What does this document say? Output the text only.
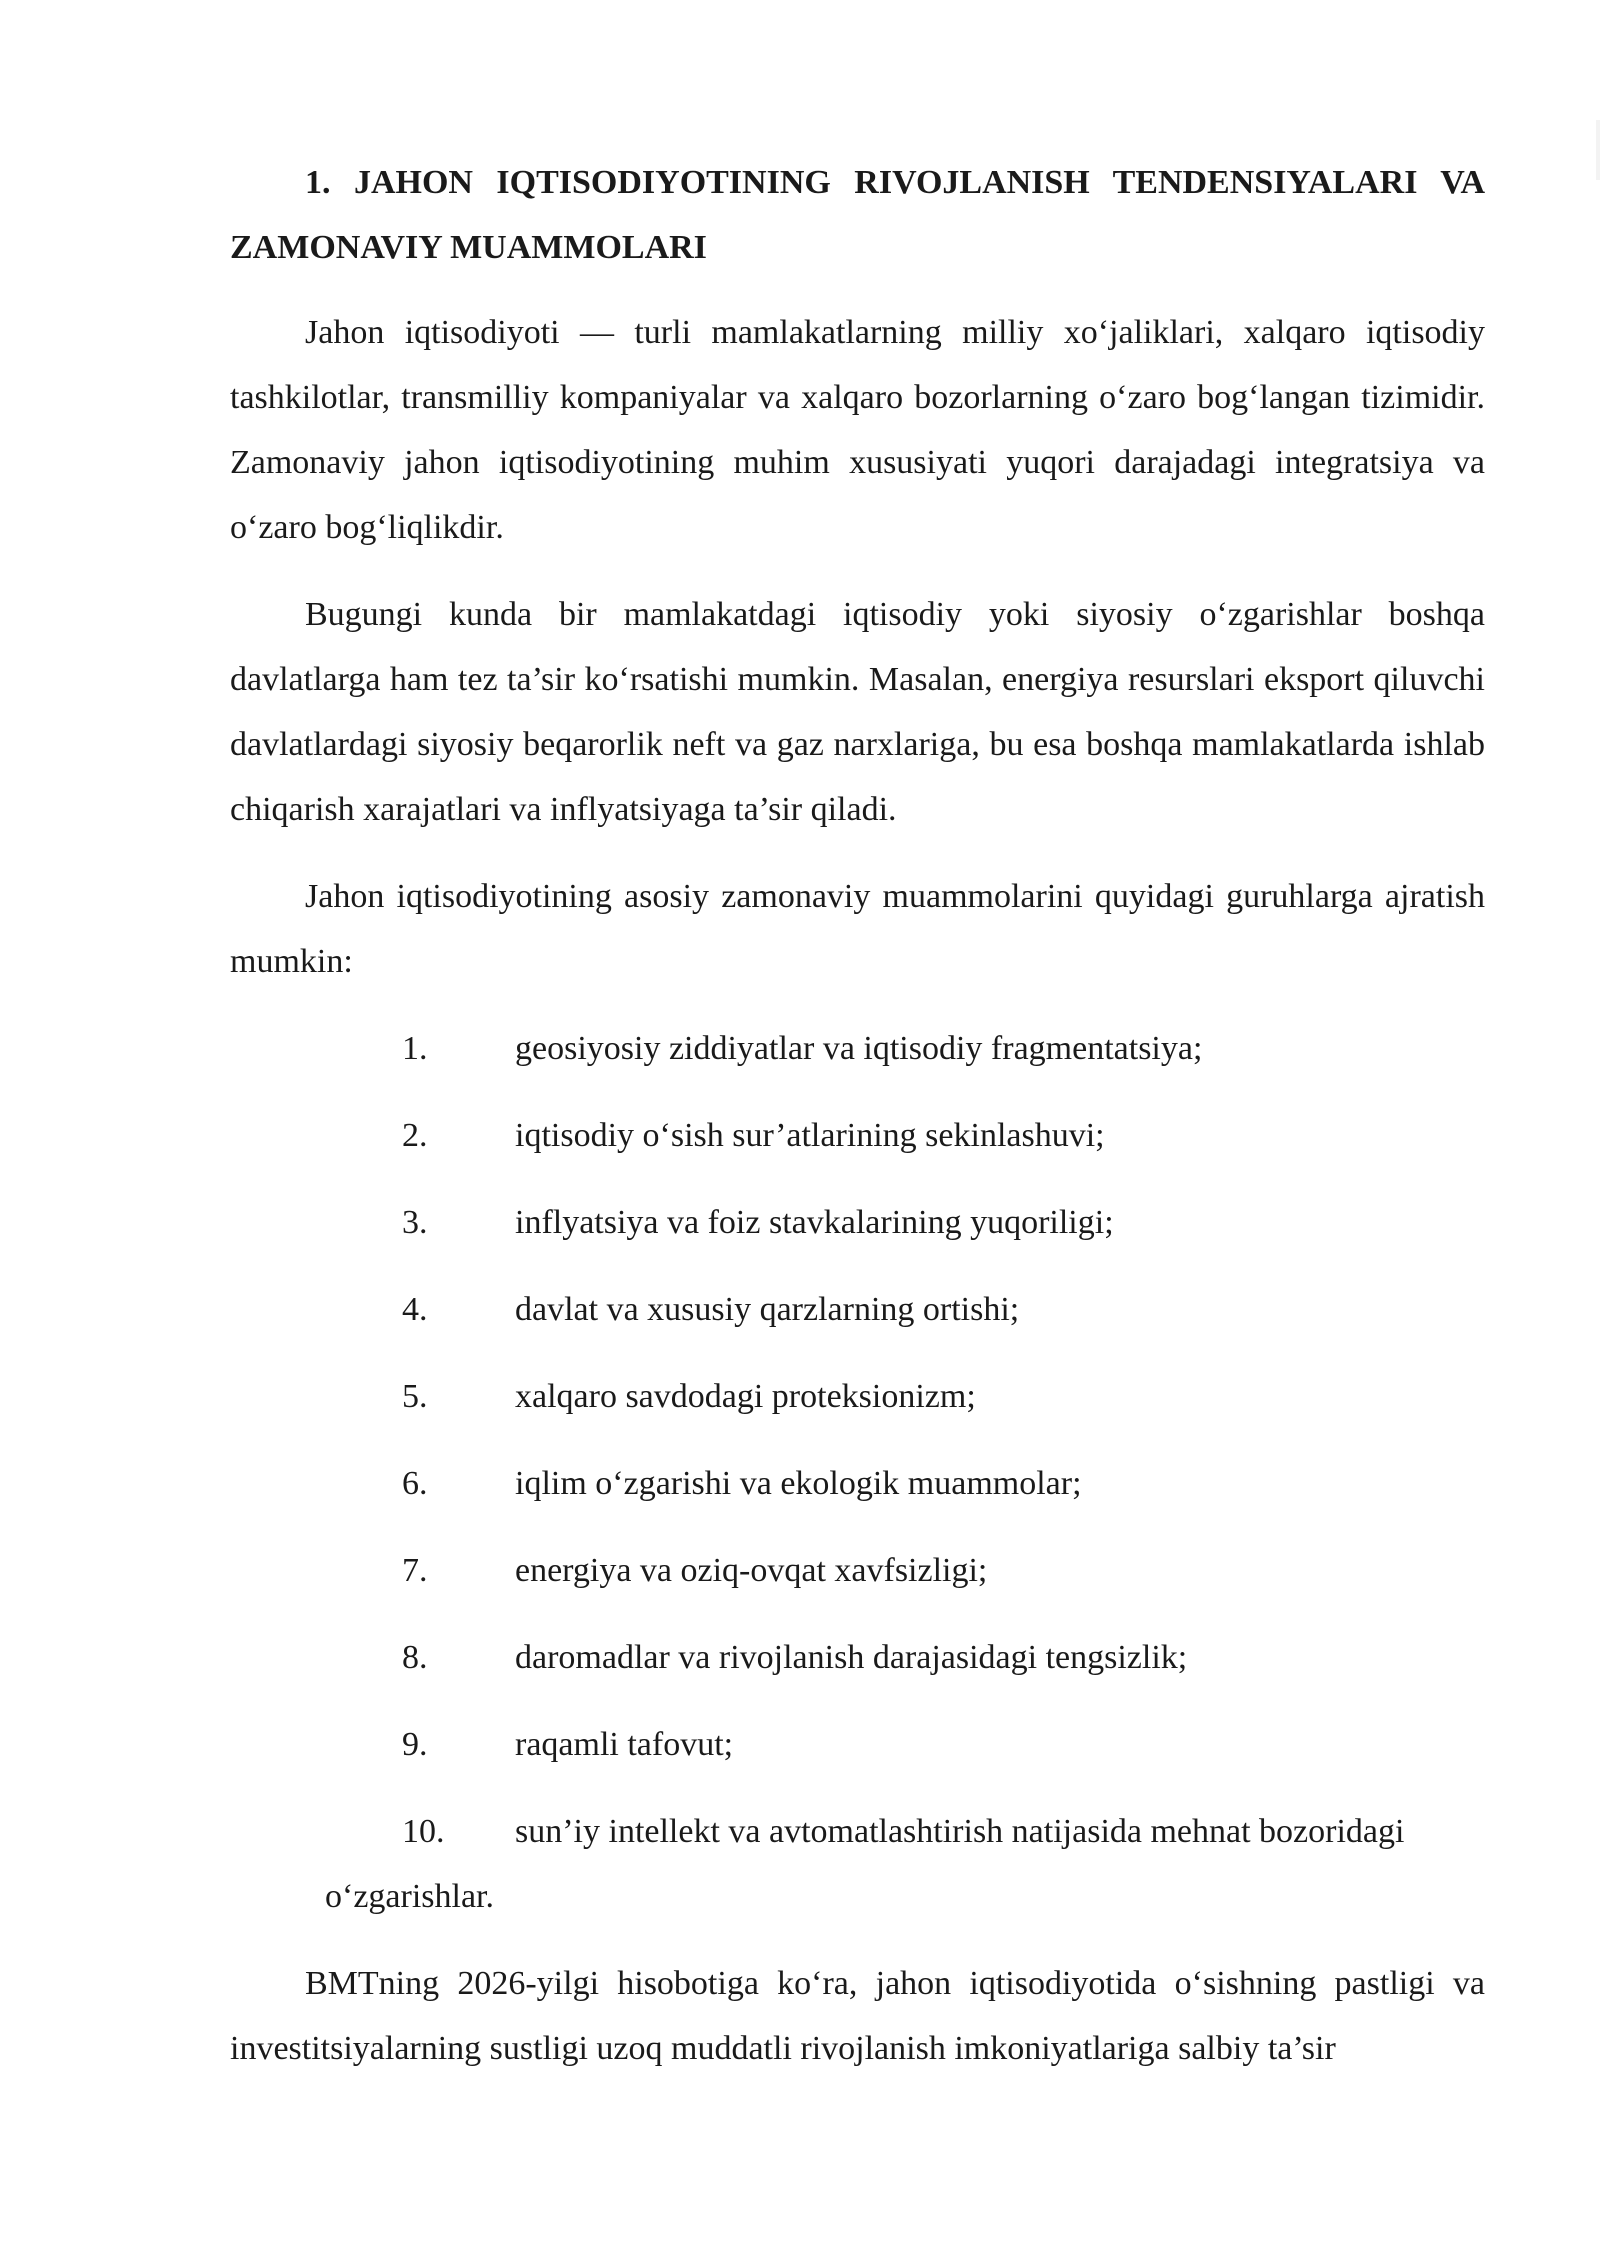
1. JAHON IQTISODIYOTINING RIVOJLANISH TENDENSIYALARI VA ZAMONAVIY MUAMMOLARI

Jahon iqtisodiyoti — turli mamlakatlarning milliy xo‘jaliklari, xalqaro iqtisodiy tashkilotlar, transmilliy kompaniyalar va xalqaro bozorlarning o‘zaro bog‘langan tizimidir. Zamonaviy jahon iqtisodiyotining muhim xususiyati yuqori darajadagi integratsiya va o‘zaro bog‘liqlikdir.

Bugungi kunda bir mamlakatdagi iqtisodiy yoki siyosiy o‘zgarishlar boshqa davlatlarga ham tez ta’sir ko‘rsatishi mumkin. Masalan, energiya resurslari eksport qiluvchi davlatlardagi siyosiy beqarorlik neft va gaz narxlariga, bu esa boshqa mamlakatlarda ishlab chiqarish xarajatlari va inflyatsiyaga ta’sir qiladi.

Jahon iqtisodiyotining asosiy zamonaviy muammolarini quyidagi guruhlarga ajratish mumkin:

1.	geosiyosiy ziddiyatlar va iqtisodiy fragmentatsiya;
2.	iqtisodiy o‘sish sur’atlarining sekinlashuvi;
3.	inflyatsiya va foiz stavkalarining yuqoriligi;
4.	davlat va xususiy qarzlarning ortishi;
5.	xalqaro savdodagi proteksionizm;
6.	iqlim o‘zgarishi va ekologik muammolar;
7.	energiya va oziq-ovqat xavfsizligi;
8.	daromadlar va rivojlanish darajasidagi tengsizlik;
9.	raqamli tafovut;
10.	sun’iy intellekt va avtomatlashtirish natijasida mehnat bozoridagi o‘zgarishlar.

BMTning 2026-yilgi hisobotiga ko‘ra, jahon iqtisodiyotida o‘sishning pastligi va investitsiyalarning sustligi uzoq muddatli rivojlanish imkoniyatlariga salbiy ta’sir
